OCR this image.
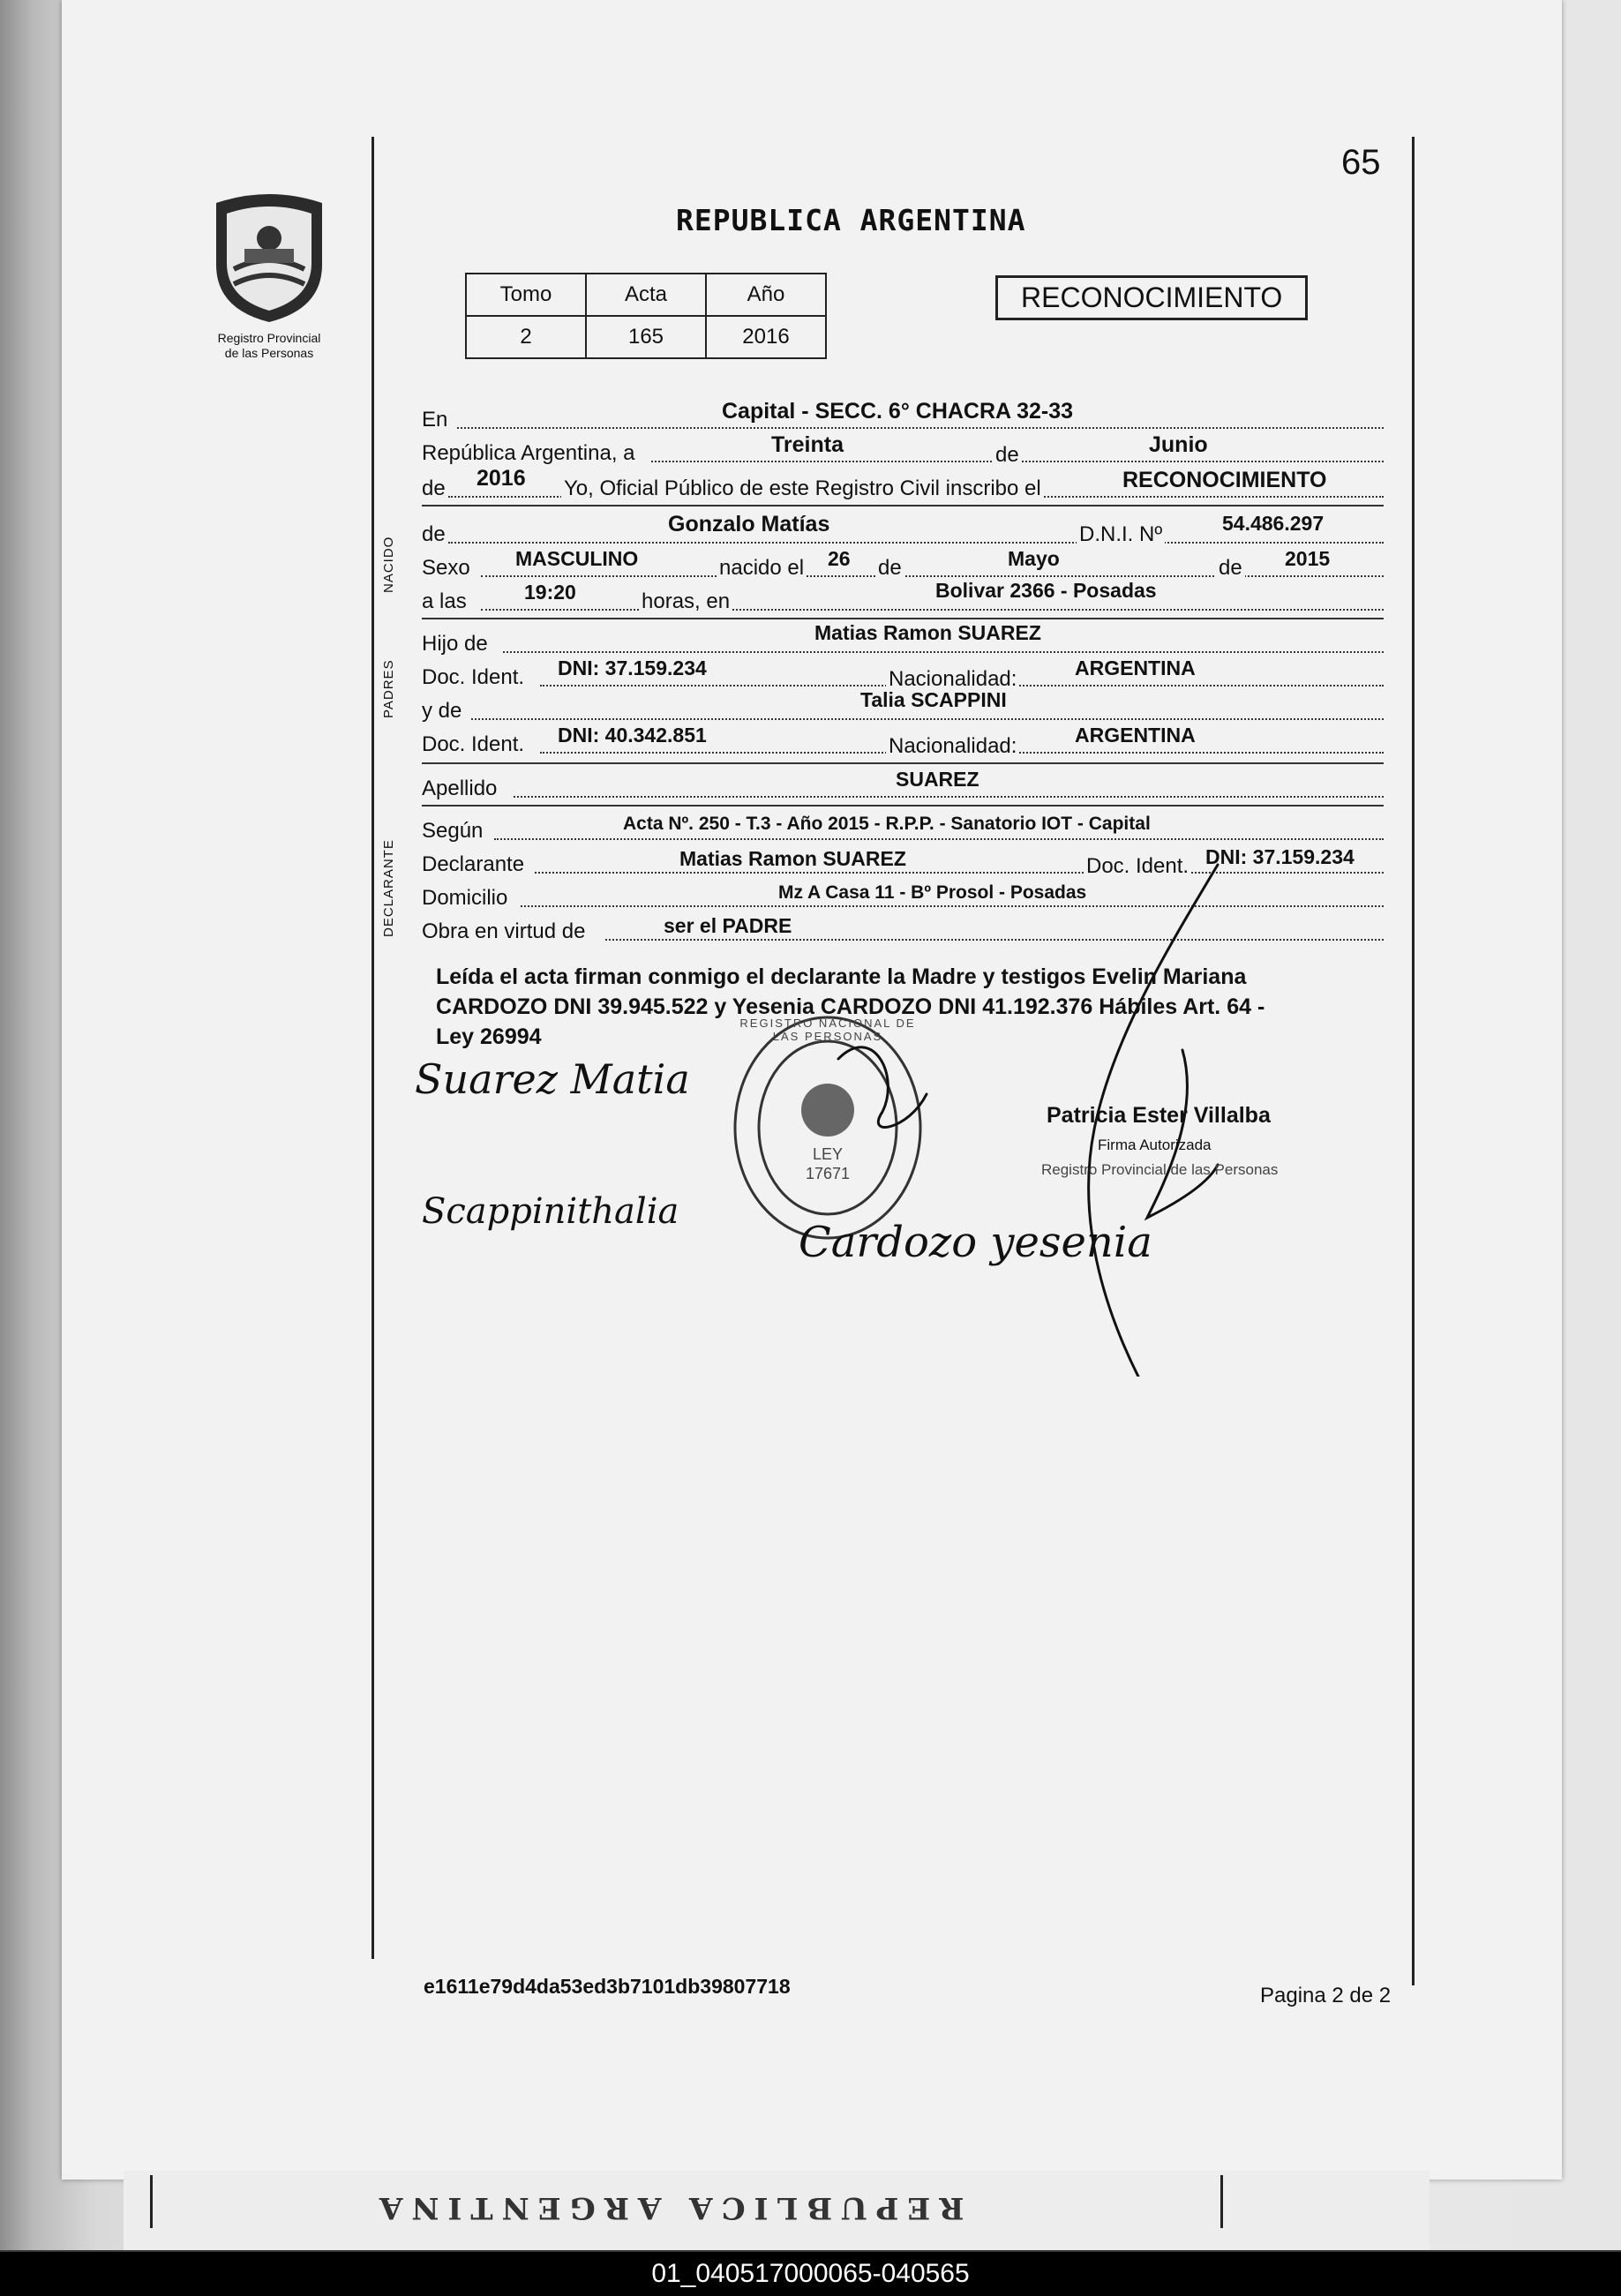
Registro Provincial
de las Personas
65
REPUBLICA ARGENTINA
Tomo	Acta	Año
2	165	2016
RECONOCIMIENTO
NACIDO
PADRES
DECLARANTE
En	Capital - SECC. 6° CHACRA 32-33
República Argentina, a	Treinta	de	Junio
de 2016 Yo, Oficial Público de este Registro Civil inscribo el	RECONOCIMIENTO
de	Gonzalo Matías	D.N.I. Nº	54.486.297
Sexo MASCULINO	nacido el 26 de	Mayo	de 2015
a las	19:20	horas, en	Bolivar 2366 - Posadas
Hijo de	Matias Ramon SUAREZ
Doc. Ident. DNI: 37.159.234	Nacionalidad:	ARGENTINA
y de	Talia SCAPPINI
Doc. Ident. DNI: 40.342.851	Nacionalidad:	ARGENTINA
Apellido	SUAREZ
Según	Acta Nº. 250 - T.3 - Año 2015 - R.P.P. - Sanatorio IOT - Capital
Declarante	Matias Ramon SUAREZ	Doc. Ident. DNI: 37.159.234
Domicilio	Mz A Casa 11 - Bº Prosol - Posadas
Obra en virtud de	ser el PADRE
Leída el acta firman conmigo el declarante la Madre y testigos Evelin Mariana
CARDOZO DNI 39.945.522 y Yesenia CARDOZO DNI 41.192.376 Hábiles Art. 64 -
Ley 26994
REGISTRO NACIONAL DE LAS PERSONAS
LEY
17671
Suarez Matia
Scappinithalia
Cardozo yesenia
Patricia Ester Villalba
Firma Autorizada
Registro Provincial de las Personas
e1611e79d4da53ed3b7101db39807718	Pagina 2 de 2
REPUBLICA ARGENTINA
01_040517000065-040565
